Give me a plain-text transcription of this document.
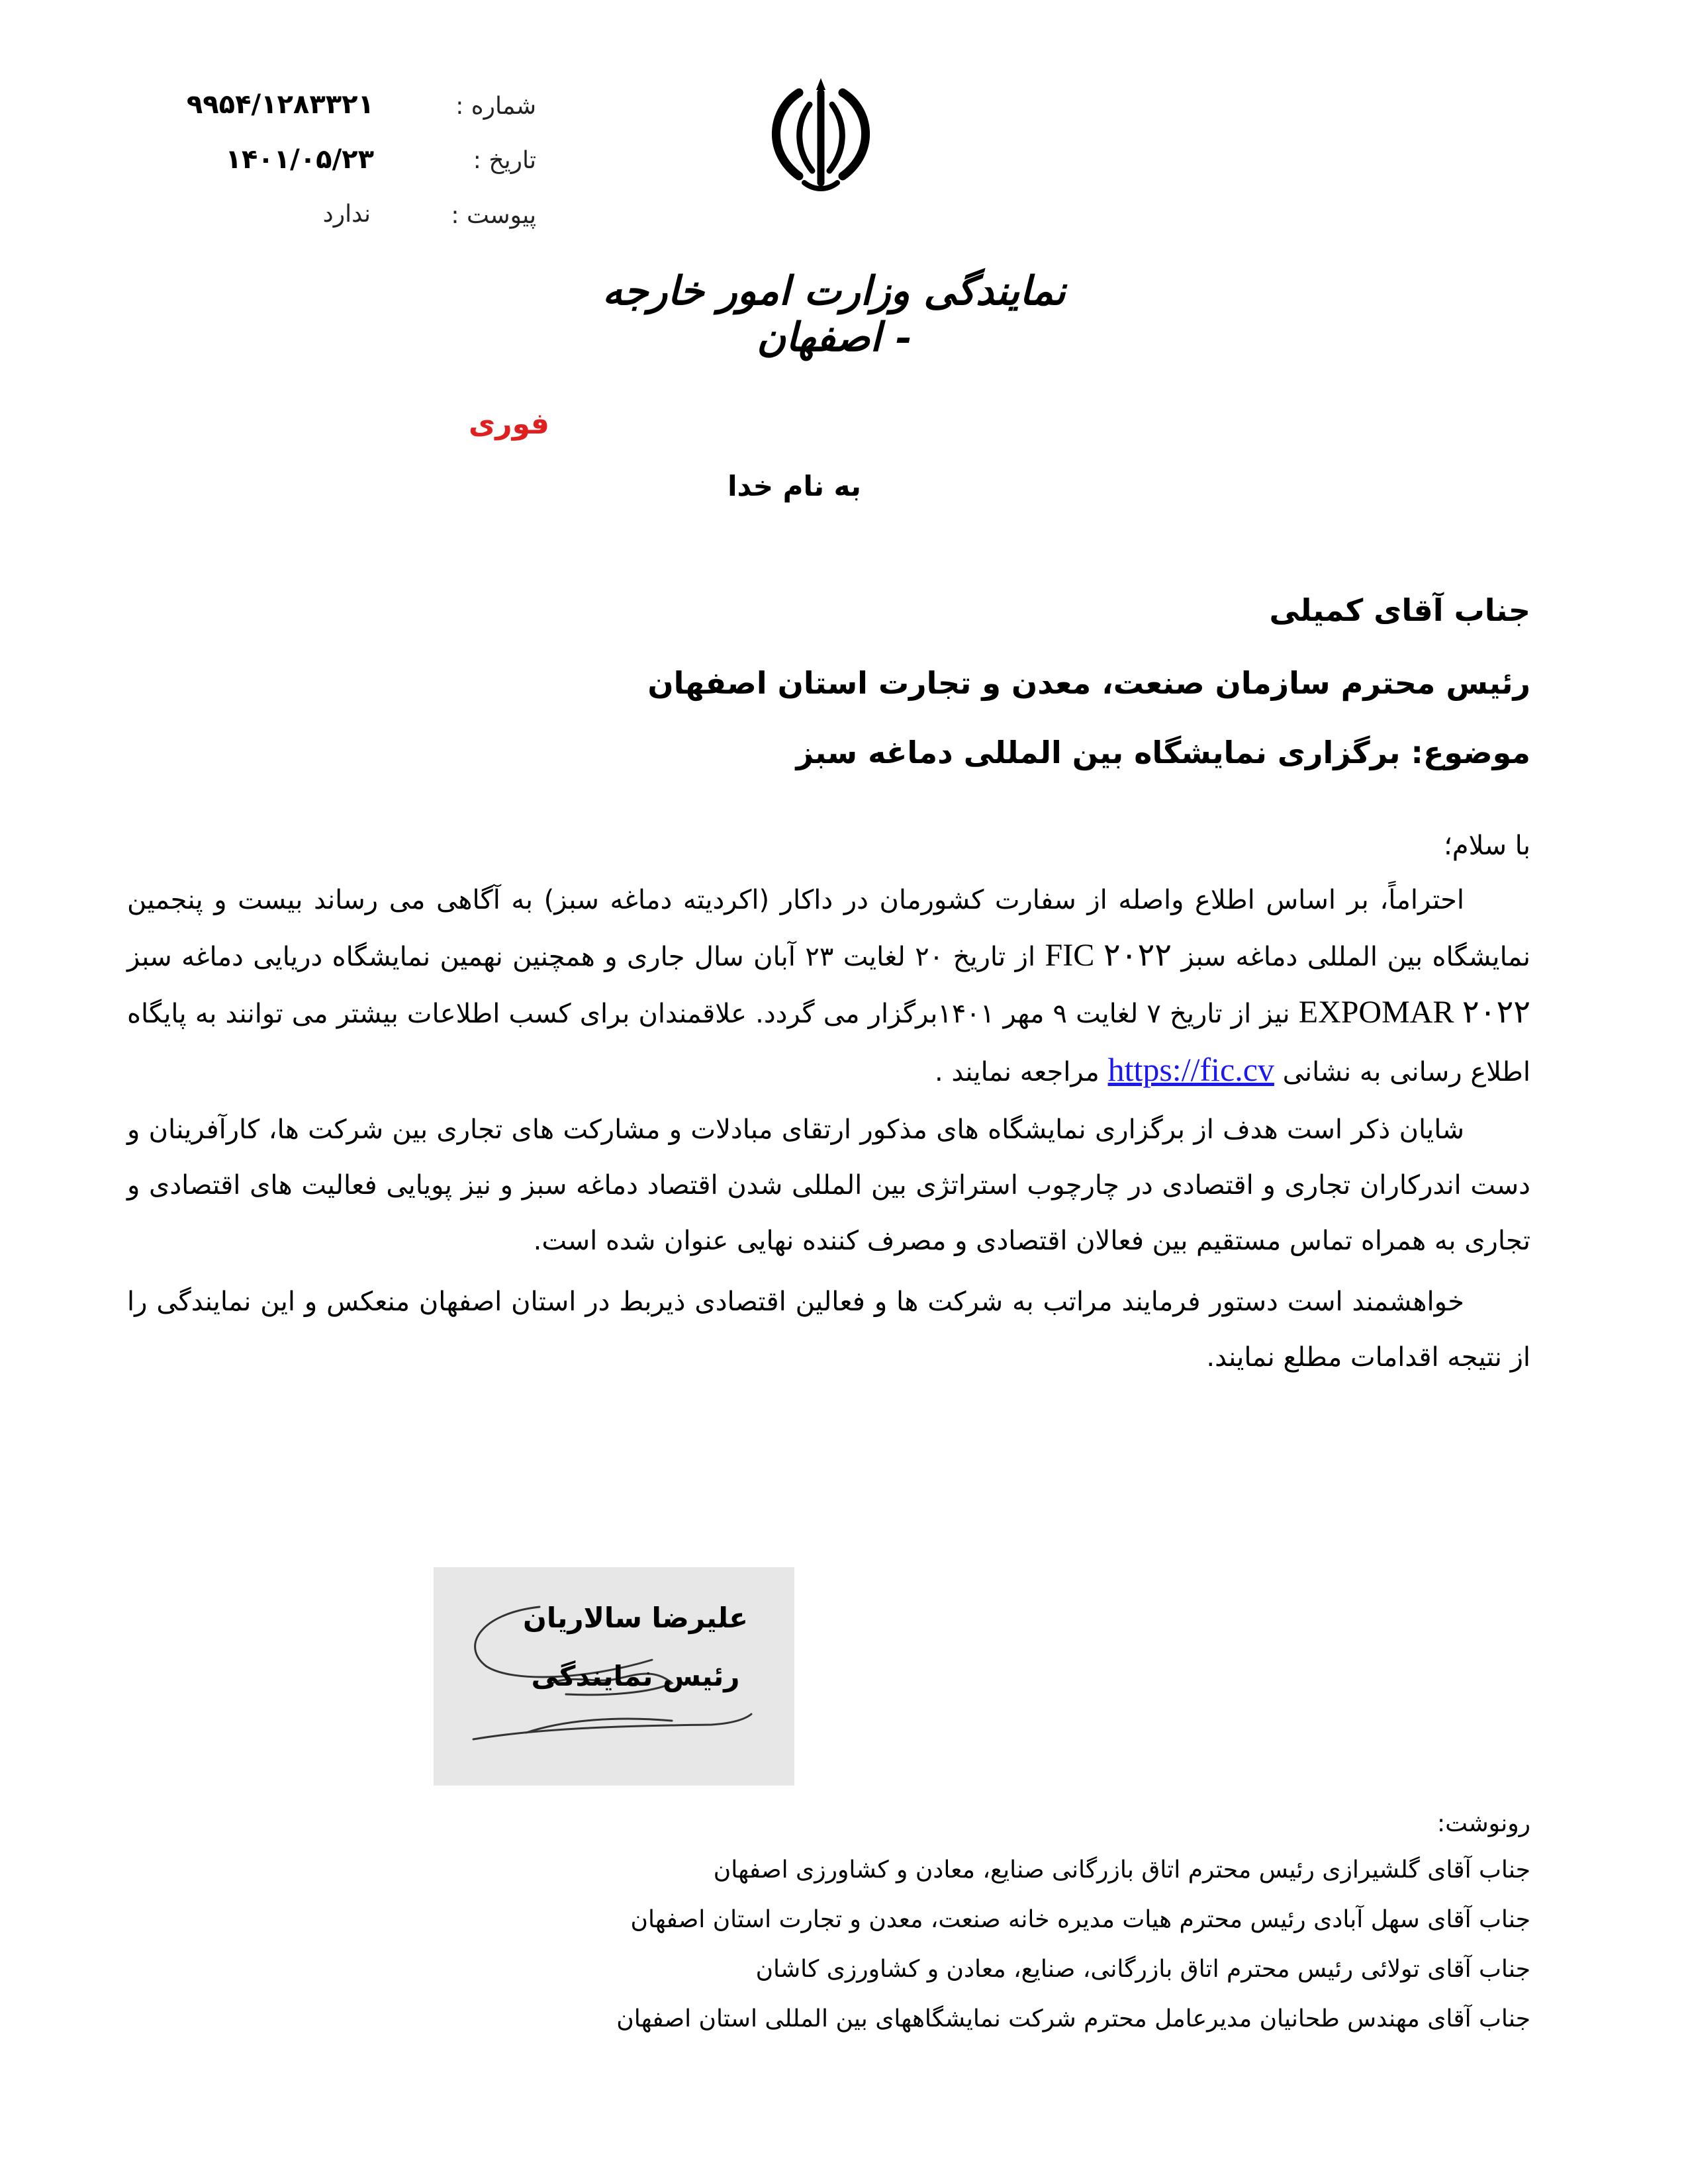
شماره :
۹۹۵۴/۱۲۸۳۳۲۱
تاریخ :
۱۴۰۱/۰۵/۲۳
پیوست :
ندارد
نمایندگی وزارت امور خارجه - اصفهان
فوری
به نام خدا
جناب آقای کمیلی
رئیس محترم سازمان صنعت، معدن و تجارت استان اصفهان
موضوع: برگزاری نمایشگاه بین المللی دماغه سبز
با سلام؛
احتراماً، بر اساس اطلاع واصله از سفارت کشورمان در داکار (اکردیته دماغه سبز) به آگاهی می رساند بیست و پنجمین نمایشگاه بین المللی دماغه سبز FIC ۲۰۲۲ از تاریخ ۲۰ لغایت ۲۳ آبان سال جاری و همچنین نهمین نمایشگاه دریایی دماغه سبز EXPOMAR ۲۰۲۲ نیز از تاریخ ۷ لغایت ۹ مهر ۱۴۰۱برگزار می گردد. علاقمندان برای کسب اطلاعات بیشتر می توانند به پایگاه اطلاع رسانی به نشانی https://fic.cv مراجعه نمایند .
شایان ذکر است هدف از برگزاری نمایشگاه های مذکور ارتقای مبادلات و مشارکت های تجاری بین شرکت ها، کارآفرینان و دست اندرکاران تجاری و اقتصادی در چارچوب استراتژی بین المللی شدن اقتصاد دماغه سبز و نیز پویایی فعالیت های اقتصادی و تجاری به همراه تماس مستقیم بین فعالان اقتصادی و مصرف کننده نهایی عنوان شده است.
خواهشمند است دستور فرمایند مراتب به شرکت ها و فعالین اقتصادی ذیربط در استان اصفهان منعکس و این نمایندگی را از نتیجه اقدامات مطلع نمایند.
علیرضا سالاریان
رئیس نمایندگی
رونوشت:
جناب آقای گلشیرازی رئیس محترم اتاق بازرگانی صنایع، معادن و کشاورزی اصفهان
جناب آقای سهل آبادی رئیس محترم هیات مدیره خانه صنعت، معدن و تجارت استان اصفهان
جناب آقای تولائی رئیس محترم اتاق بازرگانی، صنایع، معادن و کشاورزی کاشان
جناب آقای مهندس طحانیان مدیرعامل محترم شرکت نمایشگاههای بین المللی استان اصفهان
